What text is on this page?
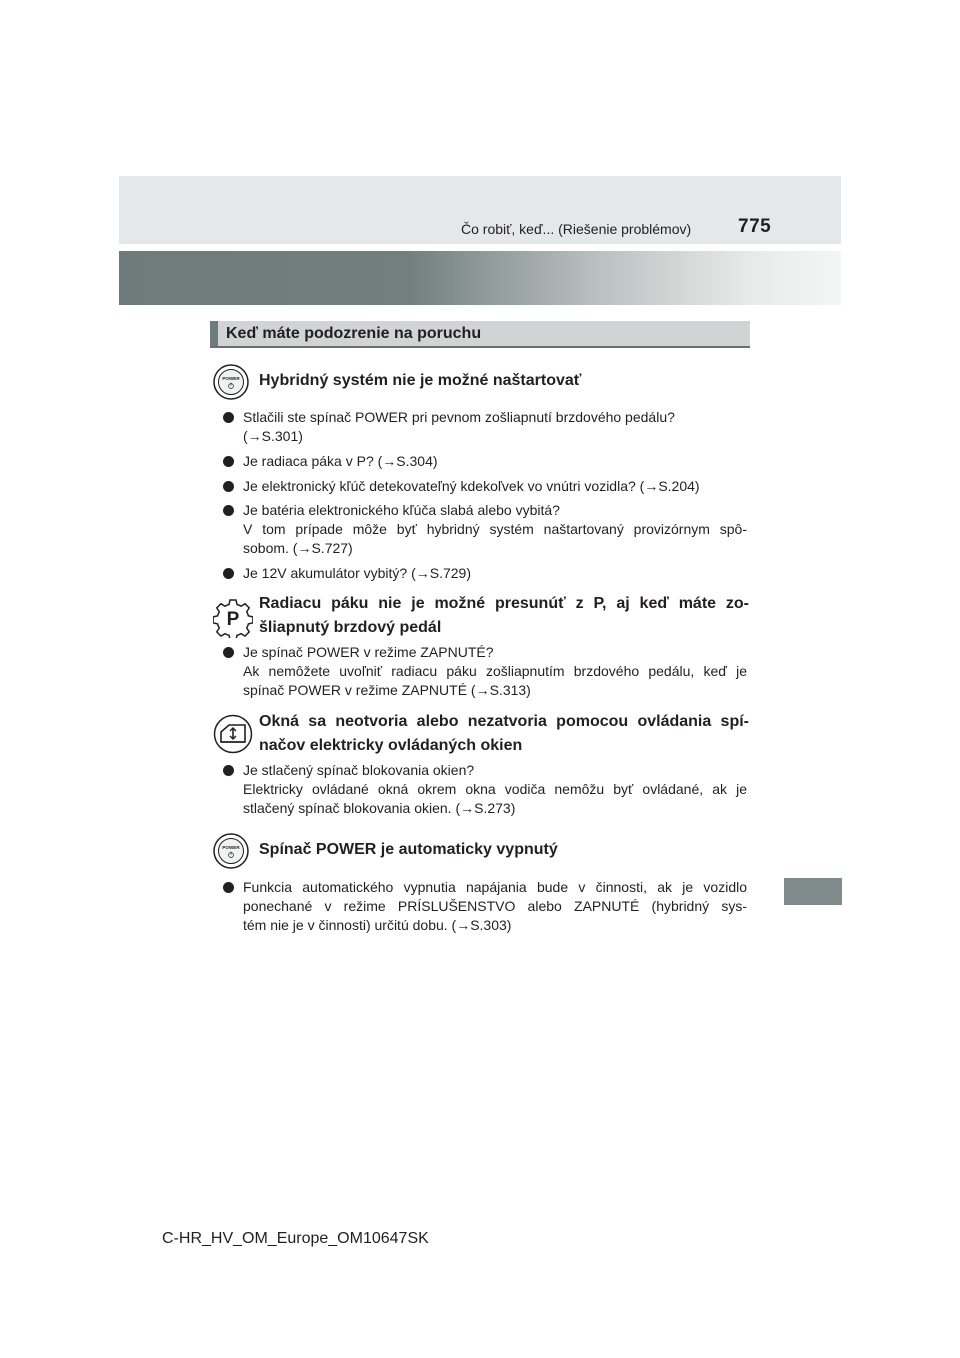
Čo robiť, keď... (Riešenie problémov) 775
Keď máte podozrenie na poruchu
POWER Hybridný systém nie je možné naštartovať
Stlačili ste spínač POWER pri pevnom zošliapnutí brzdového pedálu?
(→S.301)
Je radiaca páka v P? (→S.304)
Je elektronický kľúč detekovateľný kdekoľvek vo vnútri vozidla? (→S.204)
Je batéria elektronického kľúča slabá alebo vybitá?
V tom prípade môže byť hybridný systém naštartovaný provizórnym spô-
sobom. (→S.727)
Je 12V akumulátor vybitý? (→S.729)
P
Radiacu páku nie je možné presunúť z P, aj keď máte zo-
šliapnutý brzdový pedál
Je spínač POWER v režime ZAPNUTÉ?
Ak nemôžete uvoľniť radiacu páku zošliapnutím brzdového pedálu, keď je
spínač POWER v režime ZAPNUTÉ (→S.313)
Okná sa neotvoria alebo nezatvoria pomocou ovládania spí-
načov elektricky ovládaných okien
Je stlačený spínač blokovania okien?
Elektricky ovládané okná okrem okna vodiča nemôžu byť ovládané, ak je
stlačený spínač blokovania okien. (→S.273)
POWER Spínač POWER je automaticky vypnutý
Funkcia automatického vypnutia napájania bude v činnosti, ak je vozidlo
ponechané v režime PRÍSLUŠENSTVO alebo ZAPNUTÉ (hybridný sys-
tém nie je v činnosti) určitú dobu. (→S.303)
C-HR_HV_OM_Europe_OM10647SK
